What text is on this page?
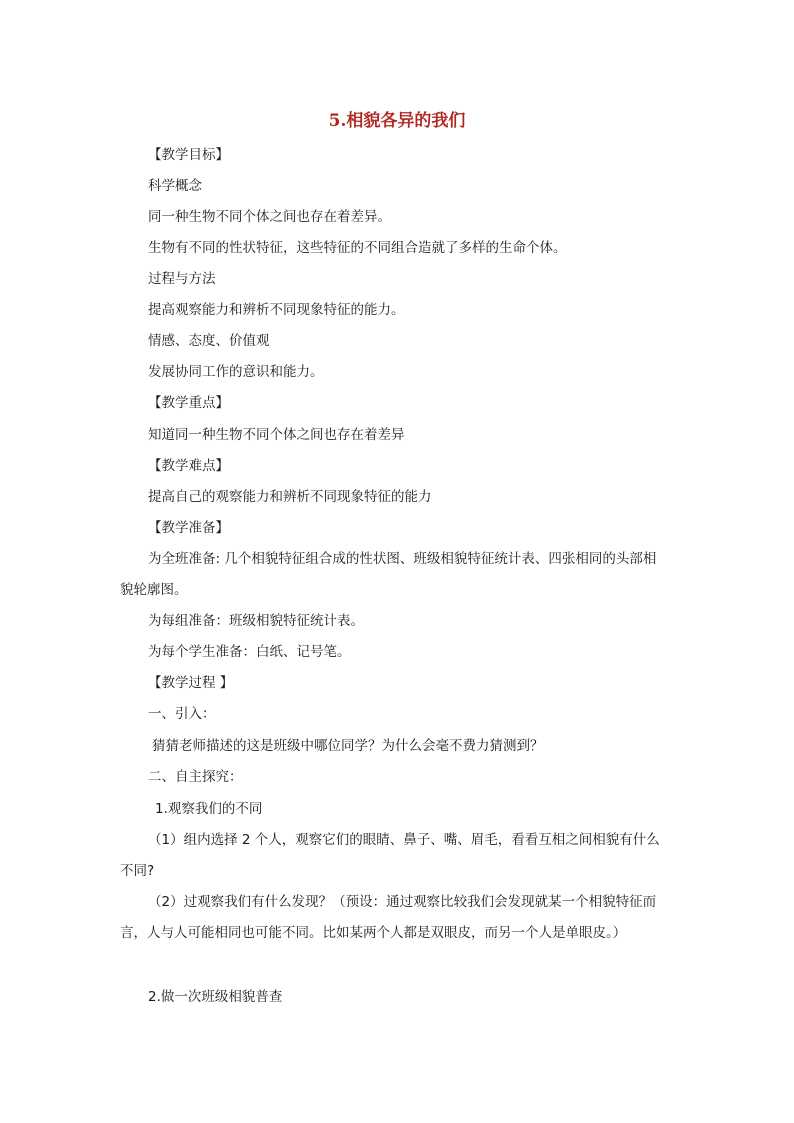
5.相貌各异的我们
【教学目标】
科学概念
同一种生物不同个体之间也存在着差异。
生物有不同的性状特征，这些特征的不同组合造就了多样的生命个体。
过程与方法
提高观察能力和辨析不同现象特征的能力。
情感、态度、价值观
发展协同工作的意识和能力。
【教学重点】
知道同一种生物不同个体之间也存在着差异
【教学难点】
提高自己的观察能力和辨析不同现象特征的能力
【教学准备】
为全班准备: 几个相貌特征组合成的性状图、班级相貌特征统计表、四张相同的头部相
貌轮廓图。
为每组准备：班级相貌特征统计表。
为每个学生准备：白纸、记号笔。
【教学过程 】
一、引入：
猜猜老师描述的这是班级中哪位同学？为什么会毫不费力猜测到？
二、自主探究：
1.观察我们的不同
（1）组内选择 2 个人，观察它们的眼睛、鼻子、嘴、眉毛，看看互相之间相貌有什么
不同?
（2）过观察我们有什么发现？（预设：通过观察比较我们会发现就某一个相貌特征而
言，人与人可能相同也可能不同。比如某两个人都是双眼皮，而另一个人是单眼皮。）
2.做一次班级相貌普查
